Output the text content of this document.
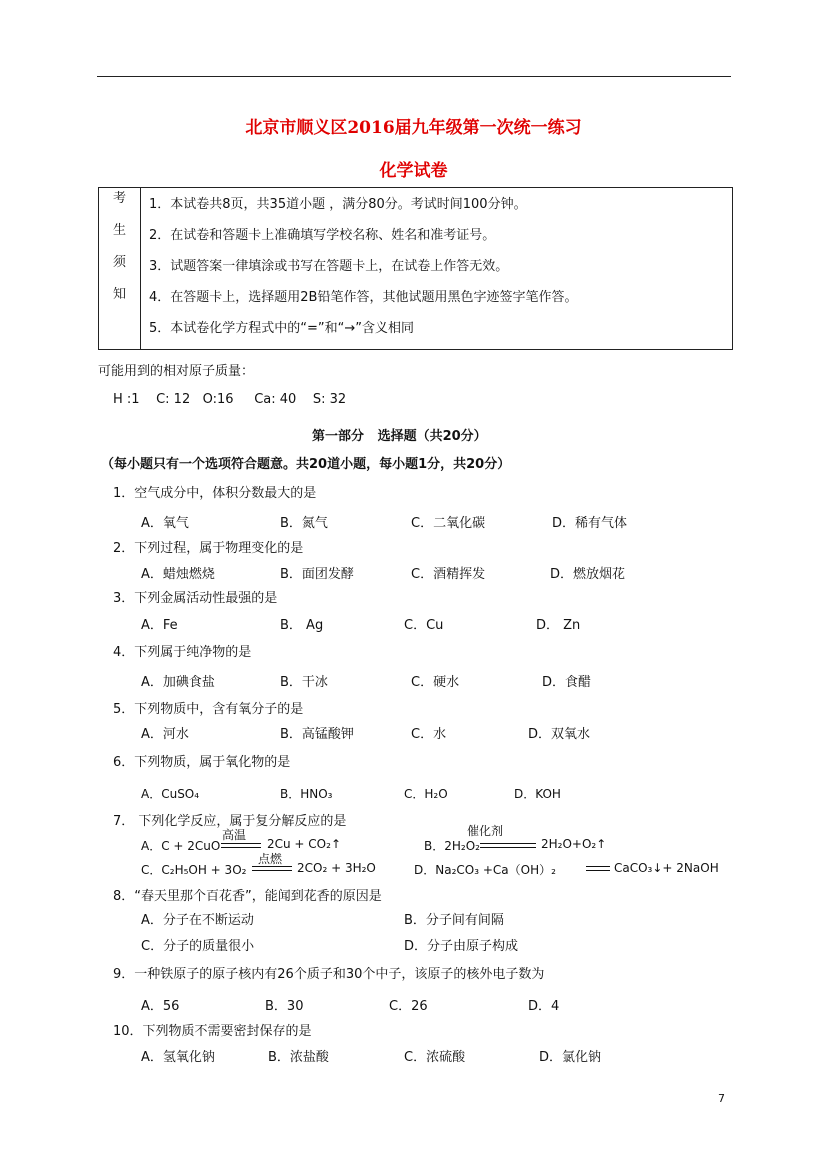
北京市顺义区2016届九年级第一次统一练习
化学试卷
考
生
须
知

1．本试卷共8页，共35道小题 ，满分80分。考试时间100分钟。
2．在试卷和答题卡上准确填写学校名称、姓名和准考证号。
3．试题答案一律填涂或书写在答题卡上，在试卷上作答无效。
4．在答题卡上，选择题用2B铅笔作答，其他试题用黑色字迹签字笔作答。
5．本试卷化学方程式中的“=”和“→”含义相同
可能用到的相对原子质量：
H :1    C: 12   O:16     Ca: 40    S: 32
第一部分   选择题（共20分）
（每小题只有一个选项符合题意。共20道小题，每小题1分，共20分）
1．空气成分中，体积分数最大的是
A．氧气	B．氮气	C．二氧化碳	D．稀有气体
2．下列过程，属于物理变化的是
A．蜡烛燃烧	B．面团发酵	C．酒精挥发	D．燃放烟花
3．下列金属活动性最强的是
A．Fe	B． Ag	C．Cu	D． Zn
4．下列属于纯净物的是
A．加碘食盐	B．干冰	C．硬水	D．食醋
5．下列物质中，含有氧分子的是
A．河水	B．高锰酸钾	C．水	D．双氧水
6．下列物质，属于氧化物的是
A．CuSO₄	B．HNO₃	C．H₂O	D．KOH
7． 下列化学反应，属于复分解反应的是
高温
A．C + 2CuO	2Cu + CO₂↑
催化剂
B．2H₂O₂	2H₂O+O₂↑
点燃
C．C₂H₅OH + 3O₂	2CO₂ + 3H₂O	D．Na₂CO₃ +Ca（OH）₂	CaCO₃↓+ 2NaOH
8．“春天里那个百花香”，能闻到花香的原因是
A．分子在不断运动	B．分子间有间隔
C．分子的质量很小	D．分子由原子构成
9．一种铁原子的原子核内有26个质子和30个中子，该原子的核外电子数为
A．56	B．30	C．26	D．4
10．下列物质不需要密封保存的是
A．氢氧化钠	B．浓盐酸	C．浓硫酸	D．氯化钠
7
